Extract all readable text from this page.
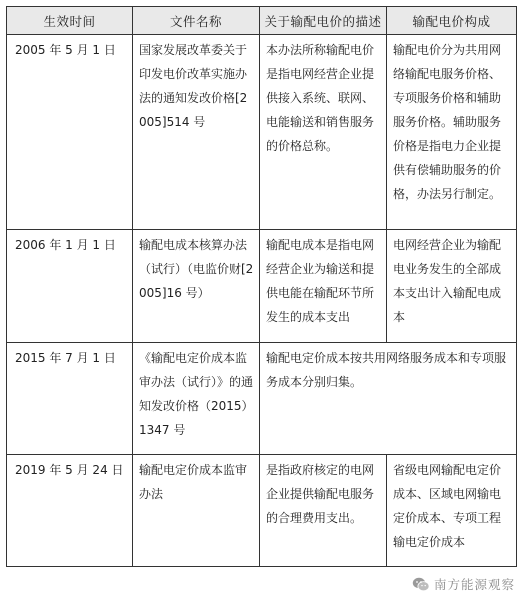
生效时间	文件名称	关于输配电价的描述	输配电价构成

2005 年 5 月 1 日	国家发展改革委关于印发电价改革实施办法的通知发改价格[2005]514 号	本办法所称输配电价是指电网经营企业提供接入系统、联网、电能输送和销售服务的价格总称。	输配电价分为共用网络输配电服务价格、专项服务价格和辅助服务价格。辅助服务价格是指电力企业提供有偿辅助服务的价格，办法另行制定。

2006 年 1 月 1 日	输配电成本核算办法（试行）（电监价财[2005]16 号）	输配电成本是指电网经营企业为输送和提供电能在输配环节所发生的成本支出	电网经营企业为输配电业务发生的全部成本支出计入输配电成本

2015 年 7 月 1 日	《输配电定价成本监审办法（试行）》的通知发改价格（2015）1347 号	输配电定价成本按共用网络服务成本和专项服务成本分别归集。	

2019 年 5 月 24 日	输配电定价成本监审办法	是指政府核定的电网企业提供输配电服务的合理费用支出。	省级电网输配电定价成本、区域电网输电定价成本、专项工程输电定价成本
南方能源观察
